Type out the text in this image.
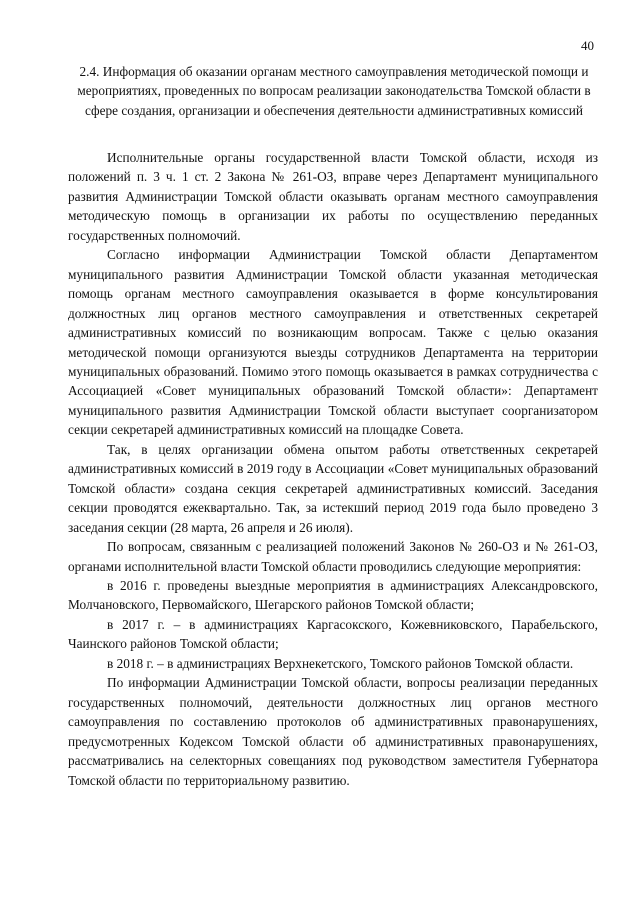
40
2.4. Информация об оказании органам местного самоуправления методической помощи и мероприятиях, проведенных по вопросам реализации законодательства Томской области в сфере создания, организации и обеспечения деятельности административных комиссий

Исполнительные органы государственной власти Томской области, исходя из положений п. 3 ч. 1 ст. 2 Закона № 261-ОЗ, вправе через Департамент муниципального развития Администрации Томской области оказывать органам местного самоуправления методическую помощь в организации их работы по осуществлению переданных государственных полномочий.

Согласно информации Администрации Томской области Департаментом муниципального развития Администрации Томской области указанная методическая помощь органам местного самоуправления оказывается в форме консультирования должностных лиц органов местного самоуправления и ответственных секретарей административных комиссий по возникающим вопросам. Также с целью оказания методической помощи организуются выезды сотрудников Департамента на территории муниципальных образований. Помимо этого помощь оказывается в рамках сотрудничества с Ассоциацией «Совет муниципальных образований Томской области»: Департамент муниципального развития Администрации Томской области выступает соорганизатором секции секретарей административных комиссий на площадке Совета.

Так, в целях организации обмена опытом работы ответственных секретарей административных комиссий в 2019 году в Ассоциации «Совет муниципальных образований Томской области» создана секция секретарей административных комиссий. Заседания секции проводятся ежеквартально. Так, за истекший период 2019 года было проведено 3 заседания секции (28 марта, 26 апреля и 26 июля).

По вопросам, связанным с реализацией положений Законов № 260-ОЗ и № 261-ОЗ, органами исполнительной власти Томской области проводились следующие мероприятия:

в 2016 г. проведены выездные мероприятия в администрациях Александровского, Молчановского, Первомайского, Шегарского районов Томской области;

в 2017 г. – в администрациях Каргасокского, Кожевниковского, Парабельского, Чаинского районов Томской области;

в 2018 г. – в администрациях Верхнекетского, Томского районов Томской области.

По информации Администрации Томской области, вопросы реализации переданных государственных полномочий, деятельности должностных лиц органов местного самоуправления по составлению протоколов об административных правонарушениях, предусмотренных Кодексом Томской области об административных правонарушениях, рассматривались на селекторных совещаниях под руководством заместителя Губернатора Томской области по территориальному развитию.
